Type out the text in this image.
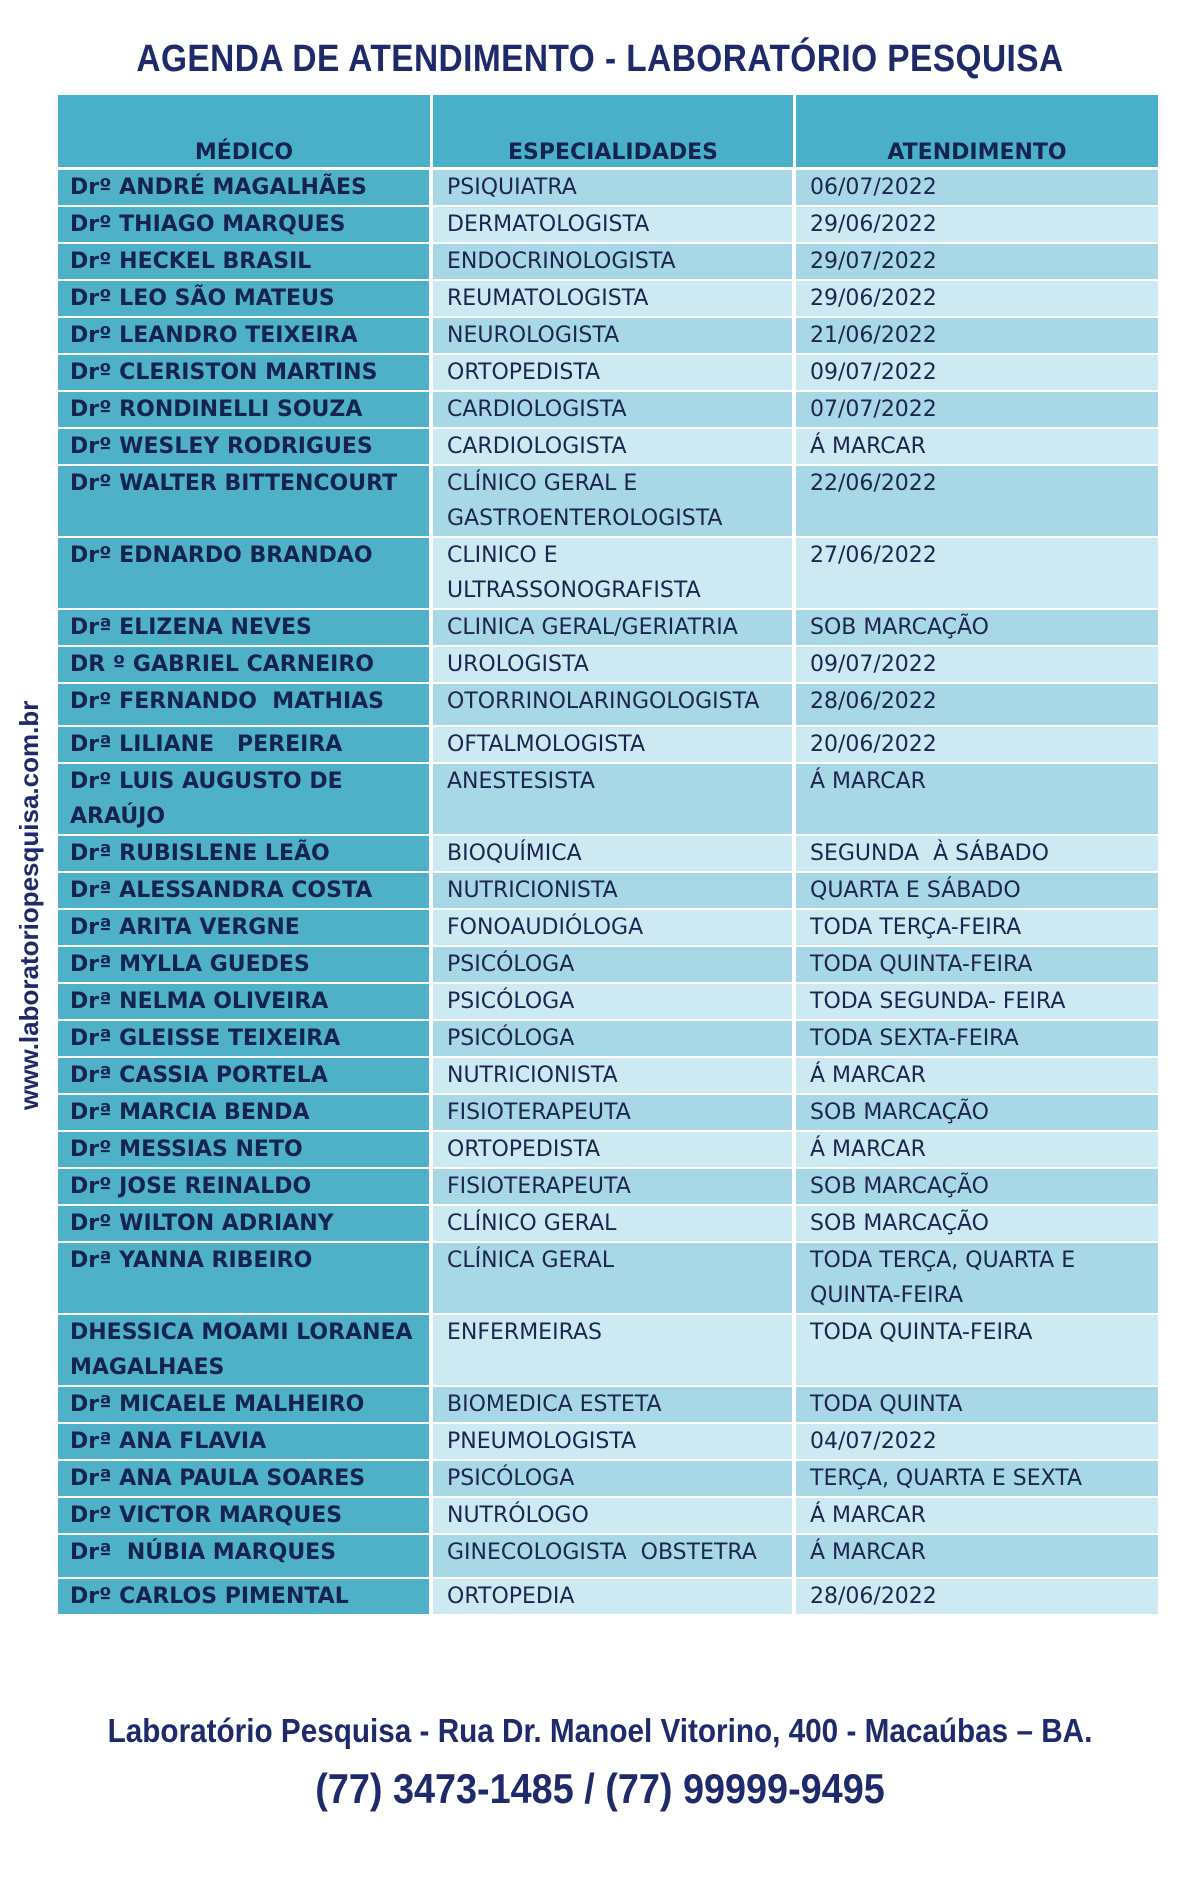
AGENDA DE ATENDIMENTO - LABORATÓRIO PESQUISA
www.laboratoriopesquisa.com.br
MÉDICO	ESPECIALIDADES	ATENDIMENTO
Drº ANDRÉ MAGALHÃES	PSIQUIATRA	06/07/2022
Drº THIAGO MARQUES	DERMATOLOGISTA	29/06/2022
Drº HECKEL BRASIL	ENDOCRINOLOGISTA	29/07/2022
Drº LEO SÃO MATEUS	REUMATOLOGISTA	29/06/2022
Drº LEANDRO TEIXEIRA	NEUROLOGISTA	21/06/2022
Drº CLERISTON MARTINS	ORTOPEDISTA	09/07/2022
Drº RONDINELLI SOUZA	CARDIOLOGISTA	07/07/2022
Drº WESLEY RODRIGUES	CARDIOLOGISTA	Á MARCAR
Drº WALTER BITTENCOURT	CLÍNICO GERAL E GASTROENTEROLOGISTA	22/06/2022
Drº EDNARDO BRANDAO	CLINICO E ULTRASSONOGRAFISTA	27/06/2022
Drª ELIZENA NEVES	CLINICA GERAL/GERIATRIA	SOB MARCAÇÃO
DR º GABRIEL CARNEIRO	UROLOGISTA	09/07/2022
Drº FERNANDO  MATHIAS	OTORRINOLARINGOLOGISTA	28/06/2022
Drª LILIANE   PEREIRA	OFTALMOLOGISTA	20/06/2022
Drº LUIS AUGUSTO DE ARAÚJO	ANESTESISTA	Á MARCAR
Drª RUBISLENE LEÃO	BIOQUÍMICA	SEGUNDA  À SÁBADO
Drª ALESSANDRA COSTA	NUTRICIONISTA	QUARTA E SÁBADO
Drª ARITA VERGNE	FONOAUDIÓLOGA	TODA TERÇA-FEIRA
Drª MYLLA GUEDES	PSICÓLOGA	TODA QUINTA-FEIRA
Drª NELMA OLIVEIRA	PSICÓLOGA	TODA SEGUNDA- FEIRA
Drª GLEISSE TEIXEIRA	PSICÓLOGA	TODA SEXTA-FEIRA
Drª CASSIA PORTELA	NUTRICIONISTA	Á MARCAR
Drª MARCIA BENDA	FISIOTERAPEUTA	SOB MARCAÇÃO
Drº MESSIAS NETO	ORTOPEDISTA	Á MARCAR
Drº JOSE REINALDO	FISIOTERAPEUTA	SOB MARCAÇÃO
Drº WILTON ADRIANY	CLÍNICO GERAL	SOB MARCAÇÃO
Drª YANNA RIBEIRO	CLÍNICA GERAL	TODA TERÇA, QUARTA E QUINTA-FEIRA
DHESSICA MOAMI LORANEA MAGALHAES	ENFERMEIRAS	TODA QUINTA-FEIRA
Drª MICAELE MALHEIRO	BIOMEDICA ESTETA	TODA QUINTA
Drª ANA FLAVIA	PNEUMOLOGISTA	04/07/2022
Drª ANA PAULA SOARES	PSICÓLOGA	TERÇA, QUARTA E SEXTA
Drº VICTOR MARQUES	NUTRÓLOGO	Á MARCAR
Drª  NÚBIA MARQUES	GINECOLOGISTA  OBSTETRA	Á MARCAR
Drº CARLOS PIMENTAL	ORTOPEDIA	28/06/2022
Laboratório Pesquisa - Rua Dr. Manoel Vitorino, 400 - Macaúbas – BA.
(77) 3473-1485 / (77) 99999-9495
